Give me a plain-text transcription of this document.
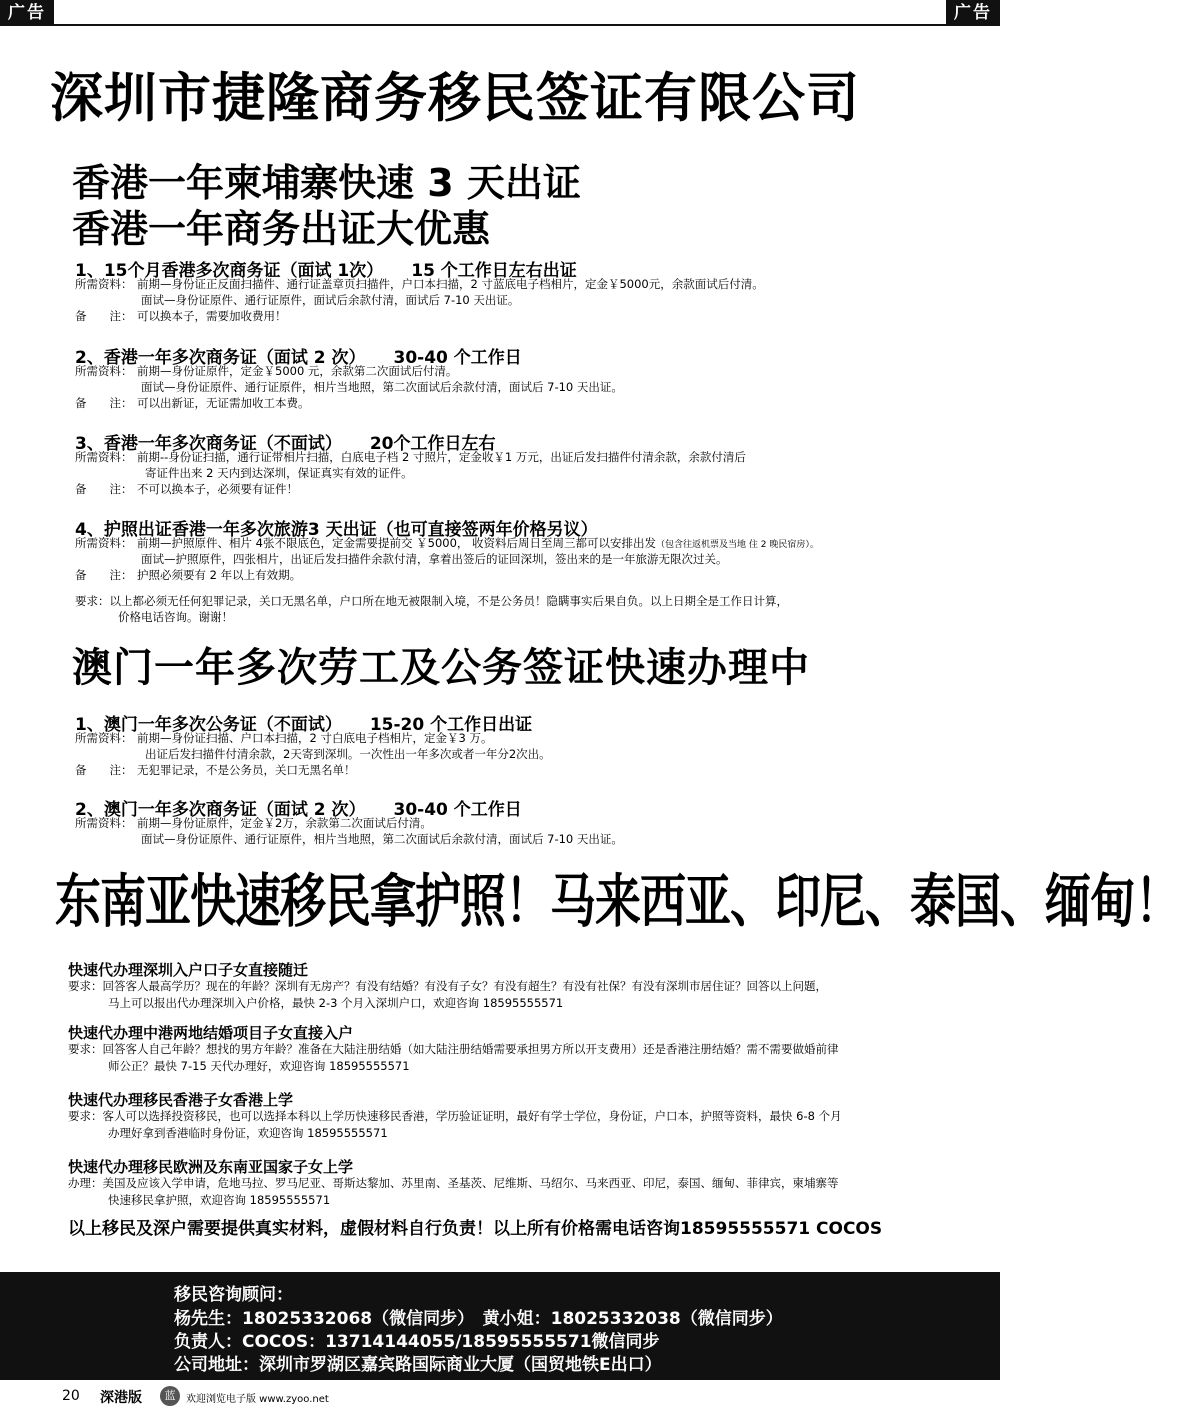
广告	广告
深圳市捷隆商务移民签证有限公司
香港一年柬埔寨快速 3 天出证
香港一年商务出证大优惠
1、15个月香港多次商务证（面试 1次） 15 个工作日左右出证
所需资料： 前期—身份证正反面扫描件、通行证盖章页扫描件，户口本扫描，2 寸蓝底电子档相片，定金￥5000元，余款面试后付清。
面试—身份证原件、通行证原件，面试后余款付清，面试后 7-10 天出证。
备　　注： 可以换本子，需要加收费用！
2、香港一年多次商务证（面试 2 次） 30-40 个工作日
所需资料： 前期—身份证原件，定金￥5000 元，余款第二次面试后付清。
面试—身份证原件、通行证原件，相片当地照，第二次面试后余款付清，面试后 7-10 天出证。
备　　注： 可以出新证，无证需加收工本费。
3、香港一年多次商务证（不面试） 20个工作日左右
所需资料： 前期--身份证扫描，通行证带相片扫描，白底电子档 2 寸照片，定金收￥1 万元，出证后发扫描件付清余款，余款付清后
寄证件出来 2 天内到达深圳，保证真实有效的证件。
备　　注： 不可以换本子，必须要有证件！
4、护照出证香港一年多次旅游3 天出证（也可直接签两年价格另议）
所需资料： 前期—护照原件、相片 4张不限底色，定金需要提前交 ￥5000， 收资料后周日至周三都可以安排出发（包含往返机票及当地 住 2 晚民宿房）。
面试—护照原件，四张相片，出证后发扫描件余款付清，拿着出签后的证回深圳，签出来的是一年旅游无限次过关。
备　　注： 护照必须要有 2 年以上有效期。
要求：以上都必须无任何犯罪记录，关口无黑名单，户口所在地无被限制入境，不是公务员！隐瞒事实后果自负。以上日期全是工作日计算，
价格电话咨询。谢谢！
澳门一年多次劳工及公务签证快速办理中
1、澳门一年多次公务证（不面试） 15-20 个工作日出证
所需资料： 前期—身份证扫描、户口本扫描，2 寸白底电子档相片，定金￥3 万。
出证后发扫描件付清余款，2天寄到深圳。一次性出一年多次或者一年分2次出。
备　　注： 无犯罪记录，不是公务员，关口无黑名单！
2、澳门一年多次商务证（面试 2 次） 30-40 个工作日
所需资料： 前期—身份证原件，定金￥2万，余款第二次面试后付清。
面试—身份证原件、通行证原件，相片当地照，第二次面试后余款付清，面试后 7-10 天出证。
东南亚快速移民拿护照！马来西亚、印尼、泰国、缅甸！
快速代办理深圳入户口子女直接随迁
要求：回答客人最高学历？现在的年龄？深圳有无房产？有没有结婚？有没有子女？有没有超生？有没有社保？有没有深圳市居住证？回答以上问题，
马上可以报出代办理深圳入户价格，最快 2-3 个月入深圳户口，欢迎咨询 18595555571
快速代办理中港两地结婚项目子女直接入户
要求：回答客人自己年龄？想找的男方年龄？准备在大陆注册结婚（如大陆注册结婚需要承担男方所以开支费用）还是香港注册结婚？需不需要做婚前律
师公正？最快 7-15 天代办理好，欢迎咨询 18595555571
快速代办理移民香港子女香港上学
要求：客人可以选择投资移民，也可以选择本科以上学历快速移民香港，学历验证证明，最好有学士学位，身份证，户口本，护照等资料，最快 6-8 个月
办理好拿到香港临时身份证，欢迎咨询 18595555571
快速代办理移民欧洲及东南亚国家子女上学
办理：美国及应该入学申请，危地马拉、罗马尼亚、哥斯达黎加、苏里南、圣基茨、尼维斯、马绍尔、马来西亚、印尼，泰国、缅甸、菲律宾，柬埔寨等
快速移民拿护照，欢迎咨询 18595555571
以上移民及深户需要提供真实材料，虚假材料自行负责！以上所有价格需电话咨询18595555571 COCOS
移民咨询顾问：
杨先生：18025332068（微信同步）　黄小姐：18025332038（微信同步）
负责人：COCOS：13714144055/18595555571微信同步
公司地址：深圳市罗湖区嘉宾路国际商业大厦（国贸地铁E出口）
20 深港版	蓝	欢迎浏览电子版 www.zyoo.net
